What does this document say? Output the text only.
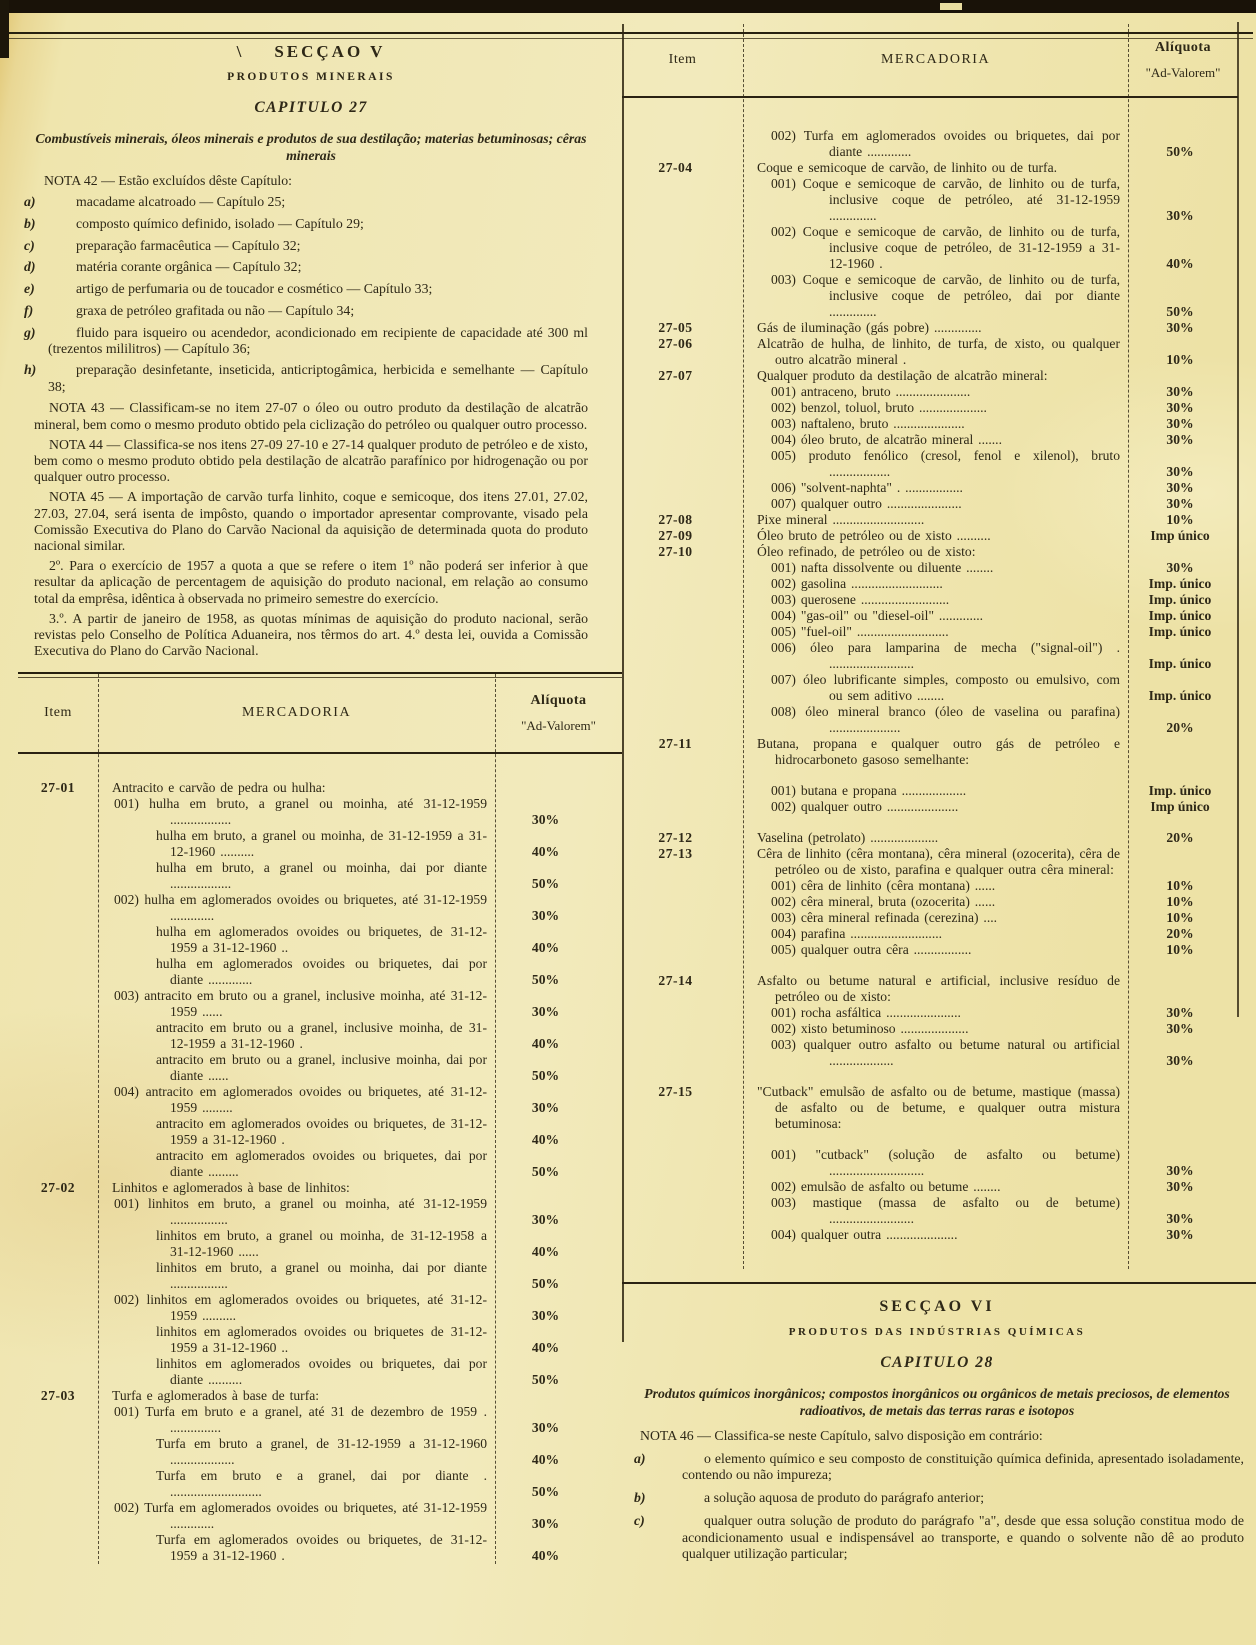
\ SECÇAO V
PRODUTOS MINERAIS
CAPITULO 27

Combustíveis minerais, óleos minerais e produtos de sua destilação; materias betuminosas; cêras minerais

NOTA 42 — Estão excluídos dêste Capítulo:
a)	macadame alcatroado — Capítulo 25;
b)	composto químico definido, isolado — Capítulo 29;
c)	preparação farmacêutica — Capítulo 32;
d)	matéria corante orgânica — Capítulo 32;
e)	artigo de perfumaria ou de toucador e cosmético — Capítulo 33;
f)	graxa de petróleo grafitada ou não — Capítulo 34;
g)	fluido para isqueiro ou acendedor, acondicionado em recipiente de capacidade até 300 ml (trezentos mililitros) — Capítulo 36;
h)	preparação desinfetante, inseticida, anticriptogâmica, herbicida e semelhante — Capítulo 38;

NOTA 43 — Classificam-se no item 27-07 o óleo ou outro produto da destilação de alcatrão mineral, bem como o mesmo produto obtido pela ciclização do petróleo ou qualquer outro processo.

NOTA 44 — Classifica-se nos itens 27-09 27-10 e 27-14 qualquer produto de petróleo e de xisto, bem como o mesmo produto obtido pela destilação de alcatrão parafínico por hidrogenação ou por qualquer outro processo.

NOTA 45 — A importação de carvão turfa linhito, coque e semicoque, dos itens 27.01, 27.02, 27.03, 27.04, será isenta de impôsto, quando o importador apresentar comprovante, visado pela Comissão Executiva do Plano do Carvão Nacional da aquisição de determinada quota do produto nacional similar.

2º. Para o exercício de 1957 a quota a que se refere o item 1º não poderá ser inferior à que resultar da aplicação de percentagem de aquisição do produto nacional, em relação ao consumo total da emprêsa, idêntica à observada no primeiro semestre do exercício.

3.º. A partir de janeiro de 1958, as quotas mínimas de aquisição do produto nacional, serão revistas pelo Conselho de Política Aduaneira, nos têrmos do art. 4.º desta lei, ouvida a Comissão Executiva do Plano do Carvão Nacional.

Item	MERCADORIA
Alíquota
"Ad-Valorem"
27-01	Antracito e carvão de pedra ou hulha:
001) hulha em bruto, a granel ou moinha, até 31-12-1959 ..................	30%
hulha em bruto, a granel ou moinha, de 31-12-1959 a 31-12-1960 ..........	40%
hulha em bruto, a granel ou moinha, dai por diante ..................	50%
002) hulha em aglomerados ovoides ou briquetes, até 31-12-1959 .............	30%
hulha em aglomerados ovoides ou briquetes, de 31-12-1959 a 31-12-1960 ..	40%
hulha em aglomerados ovoides ou briquetes, dai por diante .............	50%
003) antracito em bruto ou a granel, inclusive moinha, até 31-12-1959 ......	30%
antracito em bruto ou a granel, inclusive moinha, de 31-12-1959 a 31-12-1960 .	40%
antracito em bruto ou a granel, inclusive moinha, dai por diante ......	50%
004) antracito em aglomerados ovoides ou briquetes, até 31-12-1959 .........	30%
antracito em aglomerados ovoides ou briquetes, de 31-12-1959 a 31-12-1960 .	40%
antracito em aglomerados ovoides ou briquetes, dai por diante .........	50%
27-02	Linhitos e aglomerados à base de linhitos:
001) linhitos em bruto, a granel ou moinha, até 31-12-1959 .................	30%
linhitos em bruto, a granel ou moinha, de 31-12-1958 a 31-12-1960 ......	40%
linhitos em bruto, a granel ou moinha, dai por diante .................	50%
002) linhitos em aglomerados ovoides ou briquetes, até 31-12-1959 ..........	30%
linhitos em aglomerados ovoides ou briquetes de 31-12-1959 a 31-12-1960 ..	40%
linhitos em aglomerados ovoides ou briquetes, dai por diante ..........	50%
27-03	Turfa e aglomerados à base de turfa:
001) Turfa em bruto e a granel, até 31 de dezembro de 1959 . ...............	30%
Turfa em bruto a granel, de 31-12-1959 a 31-12-1960 ...................	40%
Turfa em bruto e a granel, dai por diante . ...........................	50%
002) Turfa em aglomerados ovoides ou briquetes, até 31-12-1959 .............	30%
Turfa em aglomerados ovoides ou briquetes, de 31-12-1959 a 31-12-1960 .	40%
Item	MERCADORIA
Alíquota
"Ad-Valorem"
002) Turfa em aglomerados ovoides ou briquetes, dai por diante .............	50%
27-04	Coque e semicoque de carvão, de linhito ou de turfa.
001) Coque e semicoque de carvão, de linhito ou de turfa, inclusive coque de petróleo, até 31-12-1959 ..............	30%
002) Coque e semicoque de carvão, de linhito ou de turfa, inclusive coque de petróleo, de 31-12-1959 a 31-12-1960 .	40%
003) Coque e semicoque de carvão, de linhito ou de turfa, inclusive coque de petróleo, dai por diante ..............	50%
27-05	Gás de iluminação (gás pobre) ..............	30%
27-06	Alcatrão de hulha, de linhito, de turfa, de xisto, ou qualquer outro alcatrão mineral .	10%
27-07	Qualquer produto da destilação de alcatrão mineral:
001) antraceno, bruto ......................	30%
002) benzol, toluol, bruto ....................	30%
003) naftaleno, bruto .....................	30%
004) óleo bruto, de alcatrão mineral .......	30%
005) produto fenólico (cresol, fenol e xilenol), bruto ..................	30%
006) "solvent-naphta" . .................	30%
007) qualquer outro ......................	30%
27-08	Pixe mineral ...........................	10%
27-09	Óleo bruto de petróleo ou de xisto ..........	Imp único
27-10	Óleo refinado, de petróleo ou de xisto:
001) nafta dissolvente ou diluente ........	30%
002) gasolina ...........................	Imp. único
003) querosene ..........................	Imp. único
004) "gas-oil" ou "diesel-oil" .............	Imp. único
005) "fuel-oil" ...........................	Imp. único
006) óleo para lamparina de mecha ("signal-oil") . .........................	Imp. único
007) óleo lubrificante simples, composto ou emulsivo, com ou sem aditivo ........	Imp. único
008) óleo mineral branco (óleo de vaselina ou parafina) .....................	20%
27-11	Butana, propana e qualquer outro gás de petróleo e hidrocarboneto gasoso semelhante:
001) butana e propana ...................	Imp. único
002) qualquer outro .....................	Imp único
27-12	Vaselina (petrolato) ....................	20%
27-13	Cêra de linhito (cêra montana), cêra mineral (ozocerita), cêra de petróleo ou de xisto, parafina e qualquer outra cêra mineral:
001) cêra de linhito (cêra montana) ......	10%
002) cêra mineral, bruta (ozocerita) ......	10%
003) cêra mineral refinada (cerezina) ....	10%
004) parafina ...........................	20%
005) qualquer outra cêra .................	10%
27-14	Asfalto ou betume natural e artificial, inclusive resíduo de petróleo ou de xisto:
001) rocha asfáltica ......................	30%
002) xisto betuminoso ....................	30%
003) qualquer outro asfalto ou betume natural ou artificial ...................	30%
27-15	"Cutback" emulsão de asfalto ou de betume, mastique (massa) de asfalto ou de betume, e qualquer outra mistura betuminosa:
001) "cutback" (solução de asfalto ou betume) ............................	30%
002) emulsão de asfalto ou betume ........	30%
003) mastique (massa de asfalto ou de betume) .........................	30%
004) qualquer outra .....................	30%
SECÇAO VI
PRODUTOS DAS INDÚSTRIAS QUÍMICAS
CAPITULO 28

Produtos químicos inorgânicos; compostos inorgânicos ou orgânicos de metais preciosos, de elementos radioativos, de metais das terras raras e isotopos

NOTA 46 — Classifica-se neste Capítulo, salvo disposição em contrário:
a)	o elemento químico e seu composto de constituição química definida, apresentado isoladamente, contendo ou não impureza;
b)	a solução aquosa de produto do parágrafo anterior;
c)	qualquer outra solução de produto do parágrafo "a", desde que essa solução constitua modo de acondicionamento usual e indispensável ao transporte, e quando o solvente não dê ao produto qualquer utilização particular;
